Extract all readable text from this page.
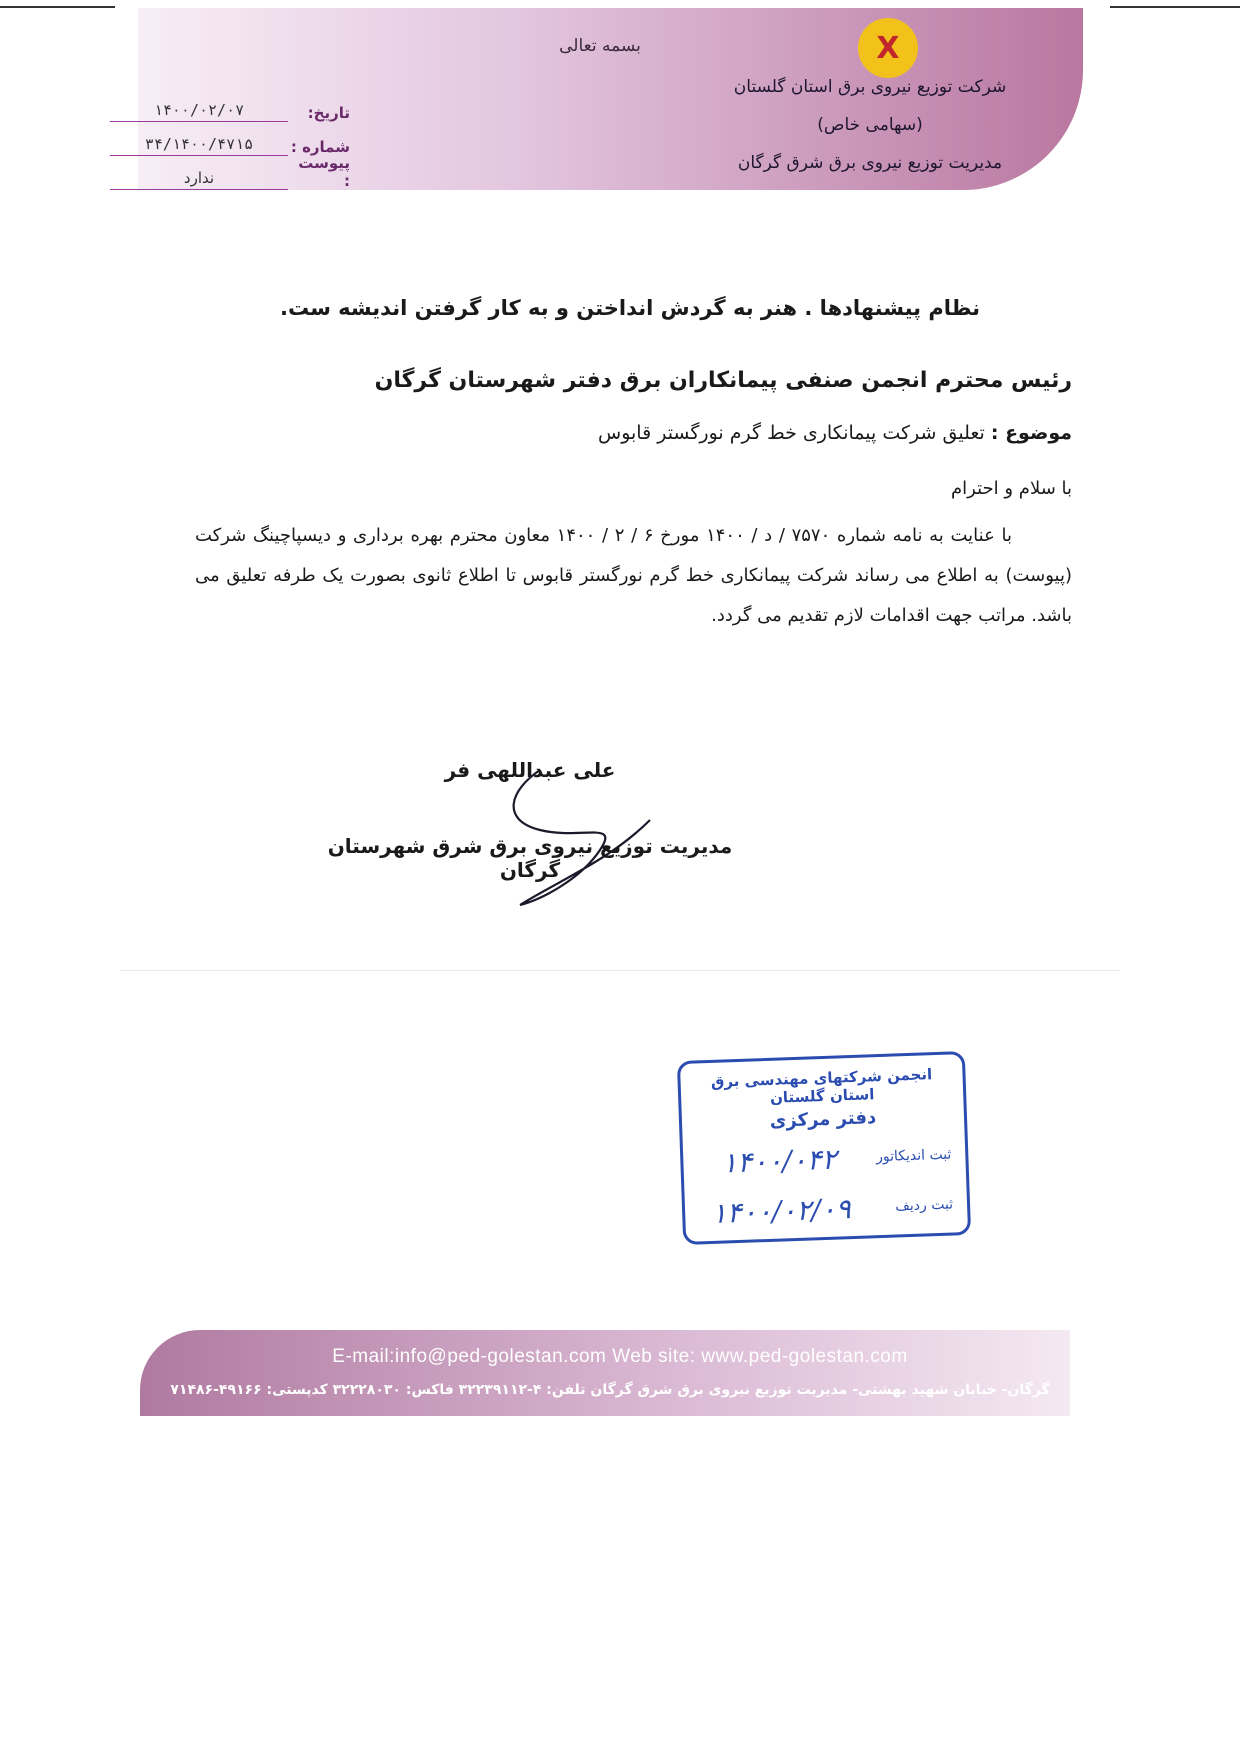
X
بسمه تعالی
شرکت توزیع نیروی برق استان گلستان
(سهامی خاص)
مدیریت توزیع نیروی برق شرق گرگان
تاریخ:
۱۴۰۰/۰۲/۰۷
شماره :
۳۴/۱۴۰۰/۴۷۱۵
پیوست :
ندارد
نظام پیشنهادها . هنر به گردش انداختن و به کار گرفتن اندیشه ست.
رئیس محترم انجمن صنفی پیمانکاران برق دفتر شهرستان گرگان
موضوع : تعلیق شرکت پیمانکاری خط گرم نورگستر قابوس
با سلام و احترام
با عنایت به نامه شماره ۷۵۷۰ / د / ۱۴۰۰ مورخ ۶ / ۲ / ۱۴۰۰ معاون محترم بهره برداری و دیسپاچینگ شرکت (پیوست) به اطلاع می رساند شرکت پیمانکاری خط گرم نورگستر قابوس تا اطلاع ثانوی بصورت یک طرفه تعلیق می باشد. مراتب جهت اقدامات لازم تقدیم می گردد.
علی عبداللهی فر
مدیریت توزیع نیروی برق شرق شهرستان گرگان
انجمن شرکتهای مهندسی برق استان گلستان
دفتر مرکزی
ثبت اندیکاتور
۱۴۰۰/۰۴۲
ثبت ردیف
۱۴۰۰/۰۲/۰۹
E-mail:info@ped-golestan.com Web site: www.ped-golestan.com
گرگان- خیابان شهید بهشتی- مدیریت توزیع نیروی برق شرق گرگان تلفن: ۴-۳۲۲۳۹۱۱۲ فاکس: ۳۲۲۲۸۰۳۰ کدپستی: ۴۹۱۶۶-۷۱۴۸۶
